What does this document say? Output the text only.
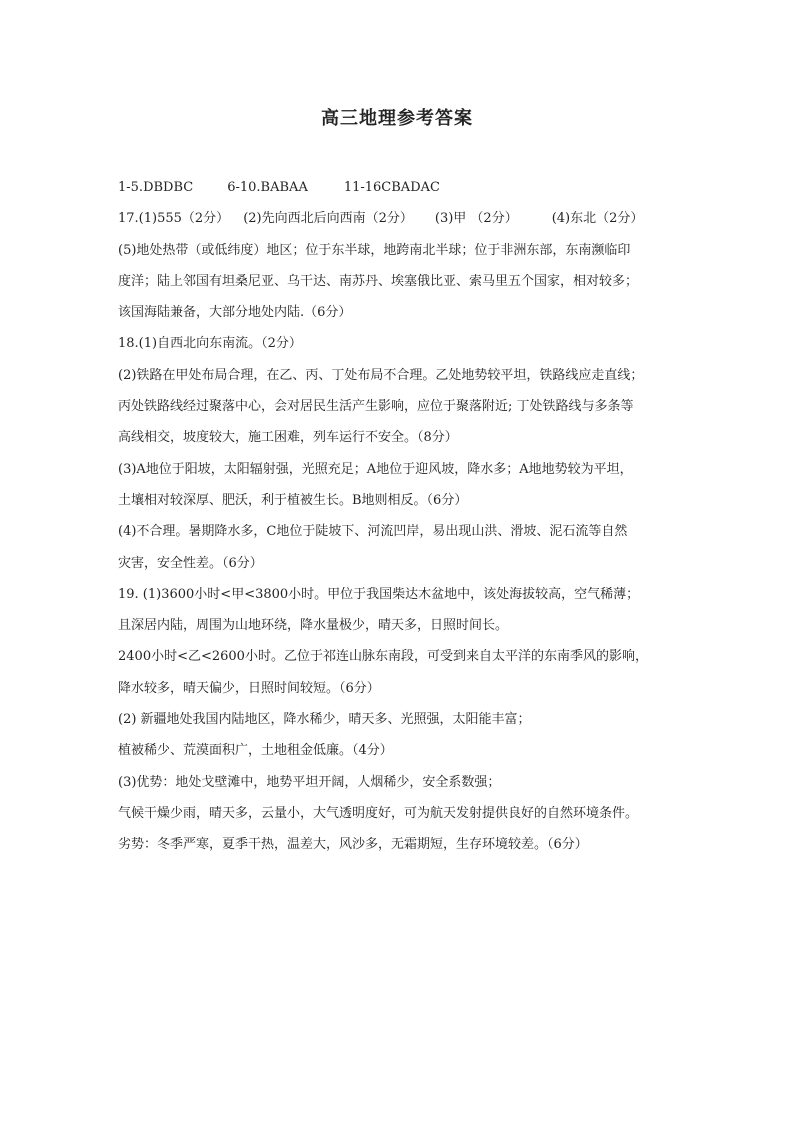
高三地理参考答案
1-5.DBDBC	6-10.BABAA	11-16CBADAC
17.(1)555（2分） (2)先向西北后向西南（2分） (3)甲 （2分）	(4)东北（2分）
(5)地处热带（或低纬度）地区；位于东半球，地跨南北半球；位于非洲东部，东南濒临印
度洋；陆上邻国有坦桑尼亚、乌干达、南苏丹、埃塞俄比亚、索马里五个国家，相对较多；
该国海陆兼备，大部分地处内陆.（6分）
18.(1)自西北向东南流。（2分）
(2)铁路在甲处布局合理，在乙、丙、丁处布局不合理。乙处地势较平坦，铁路线应走直线；
丙处铁路线经过聚落中心，会对居民生活产生影响，应位于聚落附近; 丁处铁路线与多条等
高线相交，坡度较大，施工困难，列车运行不安全。（8分）
(3)A地位于阳坡，太阳辐射强，光照充足；A地位于迎风坡，降水多；A地地势较为平坦，
土壤相对较深厚、肥沃，利于植被生长。B地则相反。（6分）
(4)不合理。暑期降水多，C地位于陡坡下、河流凹岸，易出现山洪、滑坡、泥石流等自然
灾害，安全性差。（6分）
19. (1)3600小时<甲<3800小时。甲位于我国柴达木盆地中，该处海拔较高，空气稀薄；
且深居内陆，周围为山地环绕，降水量极少，晴天多，日照时间长。
2400小时<乙<2600小时。乙位于祁连山脉东南段，可受到来自太平洋的东南季风的影响，
降水较多，晴天偏少，日照时间较短。（6分）
(2) 新疆地处我国内陆地区，降水稀少，晴天多、光照强，太阳能丰富；
植被稀少、荒漠面积广，土地租金低廉。（4分）
(3)优势：地处戈壁滩中，地势平坦开阔，人烟稀少，安全系数强；
气候干燥少雨，晴天多，云量小，大气透明度好，可为航天发射提供良好的自然环境条件。
劣势：冬季严寒，夏季干热，温差大，风沙多，无霜期短，生存环境较差。（6分）
